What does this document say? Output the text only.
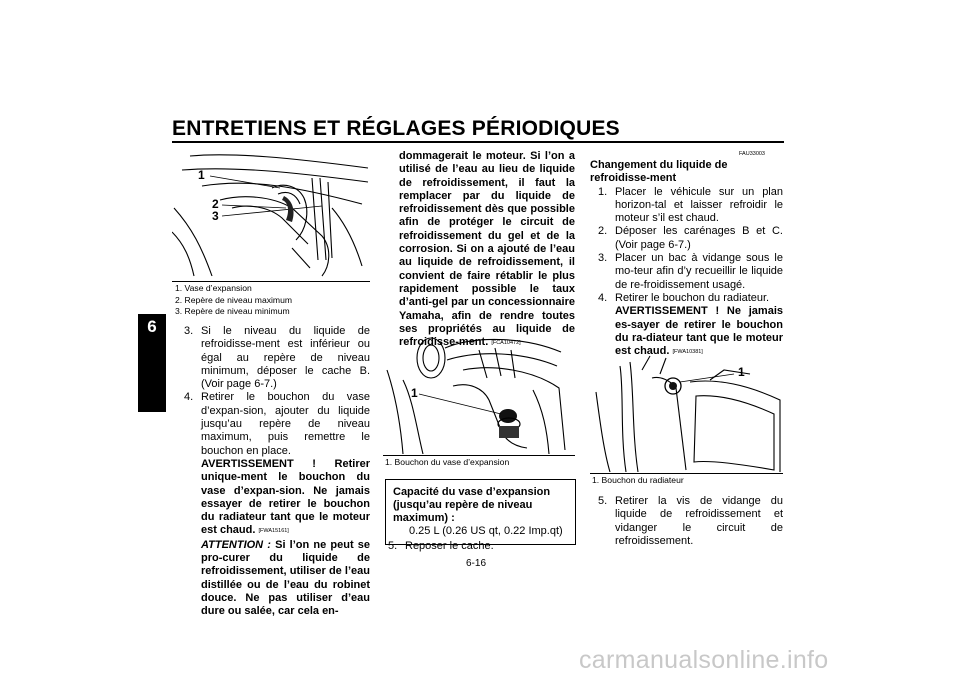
ENTRETIENS ET RÉGLAGES PÉRIODIQUES
6
1
2
3
1. Vase d’expansion
2. Repère de niveau maximum
3. Repère de niveau minimum

3. Si le niveau du liquide de refroidisse-ment est inférieur ou égal au repère de niveau minimum, déposer le cache B. (Voir page 6-7.)

4. Retirer le bouchon du vase d’expan-sion, ajouter du liquide jusqu’au repère de niveau maximum, puis remettre le bouchon en place.
AVERTISSEMENT ! Retirer unique-ment le bouchon du vase d’expan-sion. Ne jamais essayer de retirer le bouchon du radiateur tant que le moteur est chaud. [FWA15161]
ATTENTION : Si l’on ne peut se pro-curer du liquide de refroidissement, utiliser de l’eau distillée ou de l’eau du robinet douce. Ne pas utiliser d’eau dure ou salée, car cela en-

dommagerait le moteur. Si l’on a utilisé de l’eau au lieu de liquide de refroidissement, il faut la remplacer par du liquide de refroidissement dès que possible afin de protéger le circuit de refroidissement du gel et de la corrosion. Si on a ajouté de l’eau au liquide de refroidissement, il convient de faire rétablir le plus rapidement possible le taux d’anti-gel par un concessionnaire Yamaha, afin de rendre toutes ses propriétés au liquide de refroidisse-ment. [FCA10472]

1
1. Bouchon du vase d’expansion
Capacité du vase d’expansion (jusqu’au repère de niveau maximum) :
0.25 L (0.26 US qt, 0.22 Imp.qt)

5. Reposer le cache.

FAU33003

Changement du liquide de refroidisse-ment

1. Placer le véhicule sur un plan horizon-tal et laisser refroidir le moteur s’il est chaud.

2. Déposer les carénages B et C. (Voir page 6-7.)

3. Placer un bac à vidange sous le mo-teur afin d’y recueillir le liquide de re-froidissement usagé.

4. Retirer le bouchon du radiateur.
AVERTISSEMENT ! Ne jamais es-sayer de retirer le bouchon du ra-diateur tant que le moteur est chaud. [FWA10381]

1
1. Bouchon du radiateur

5. Retirer la vis de vidange du liquide de refroidissement et vidanger le circuit de refroidissement.

6-16
carmanualsonline.info
